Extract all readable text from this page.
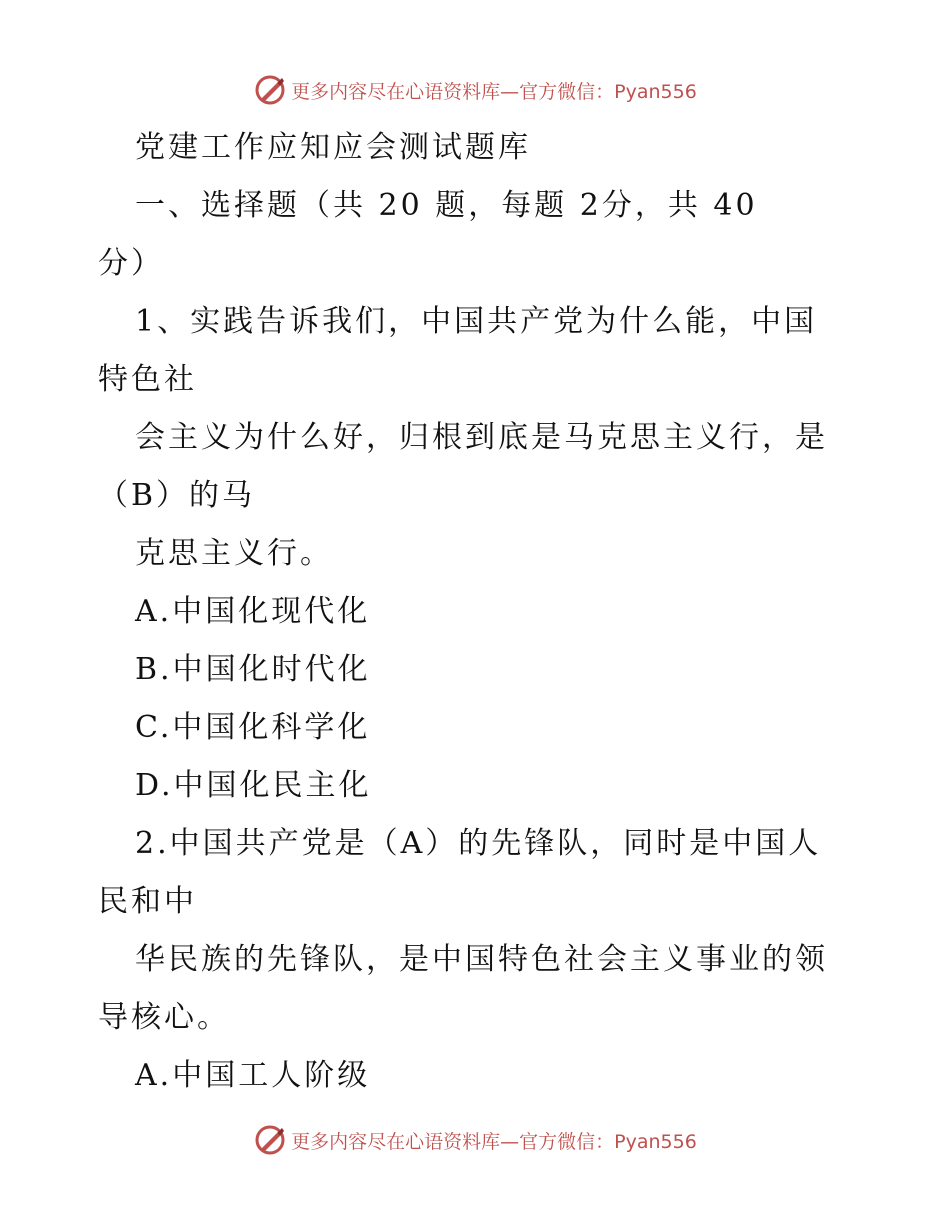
更多内容尽在心语资料库—官方微信：Pyan556
党建工作应知应会测试题库
一、选择题（共 20 题，每题 2分，共 40
分）
1、实践告诉我们，中国共产党为什么能，中国
特色社
会主义为什么好，归根到底是马克思主义行，是
（B）的马
克思主义行。
A.中国化现代化
B.中国化时代化
C.中国化科学化
D.中国化民主化
2.中国共产党是（A）的先锋队，同时是中国人
民和中
华民族的先锋队，是中国特色社会主义事业的领
导核心。
A.中国工人阶级
更多内容尽在心语资料库—官方微信：Pyan556
